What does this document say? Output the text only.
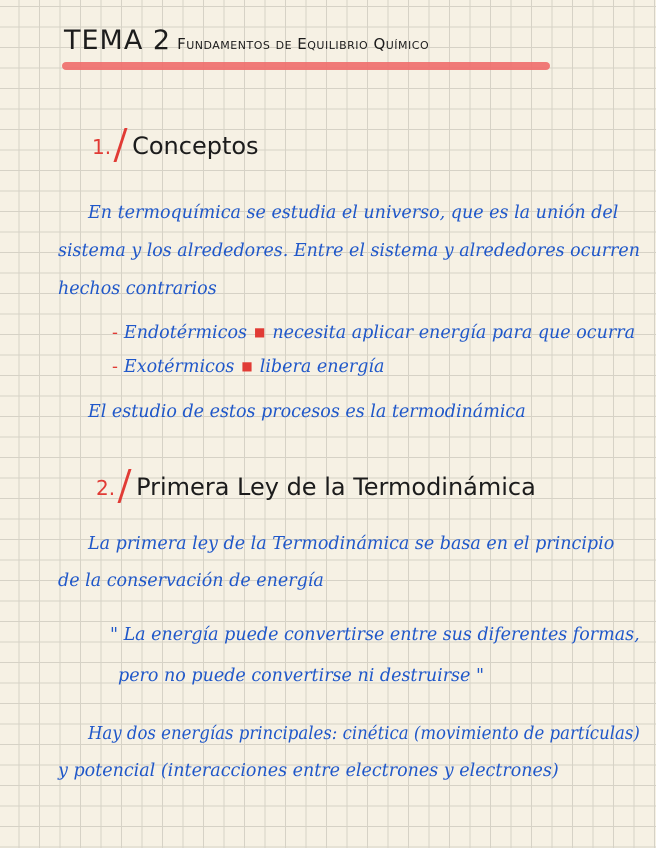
TEMA 2 Fundamentos de Equilibrio Químico
1. Conceptos
En termoquímica se estudia el universo, que es la unión del
sistema y los alrededores. Entre el sistema y alrededores ocurren
hechos contrarios
- Endotérmicos ■ necesita aplicar energía para que ocurra
- Exotérmicos ■ libera energía
El estudio de estos procesos es la termodinámica
2. Primera Ley de la Termodinámica
La primera ley de la Termodinámica se basa en el principio
de la conservación de energía
" La energía puede convertirse entre sus diferentes formas,
pero no puede convertirse ni destruirse "
Hay dos energías principales: cinética (movimiento de partículas)
y potencial (interacciones entre electrones y electrones)
